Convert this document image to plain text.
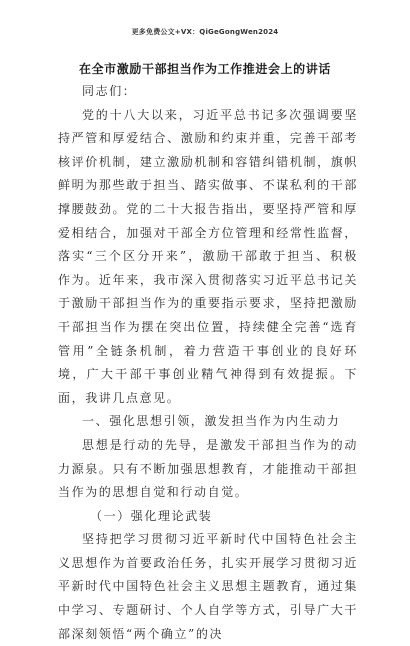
更多免费公文+VX：QiGeGongWen2024
在全市激励干部担当作为工作推进会上的讲话

同志们：

党的十八大以来，习近平总书记多次强调要坚持严管和厚爱结合、激励和约束并重，完善干部考核评价机制，建立激励机制和容错纠错机制，旗帜鲜明为那些敢于担当、踏实做事、不谋私利的干部撑腰鼓劲。党的二十大报告指出，要坚持严管和厚爱相结合，加强对干部全方位管理和经常性监督，落实“三个区分开来”，激励干部敢于担当、积极作为。近年来，我市深入贯彻落实习近平总书记关于激励干部担当作为的重要指示要求，坚持把激励干部担当作为摆在突出位置，持续健全完善“选育管用”全链条机制，着力营造干事创业的良好环境，广大干部干事创业精气神得到有效提振。下面，我讲几点意见。

一、强化思想引领，激发担当作为内生动力

思想是行动的先导，是激发干部担当作为的动力源泉。只有不断加强思想教育，才能推动干部担当作为的思想自觉和行动自觉。

（一）强化理论武装

坚持把学习贯彻习近平新时代中国特色社会主义思想作为首要政治任务，扎实开展学习贯彻习近平新时代中国特色社会主义思想主题教育，通过集中学习、专题研讨、个人自学等方式，引导广大干部深刻领悟“两个确立”的决
